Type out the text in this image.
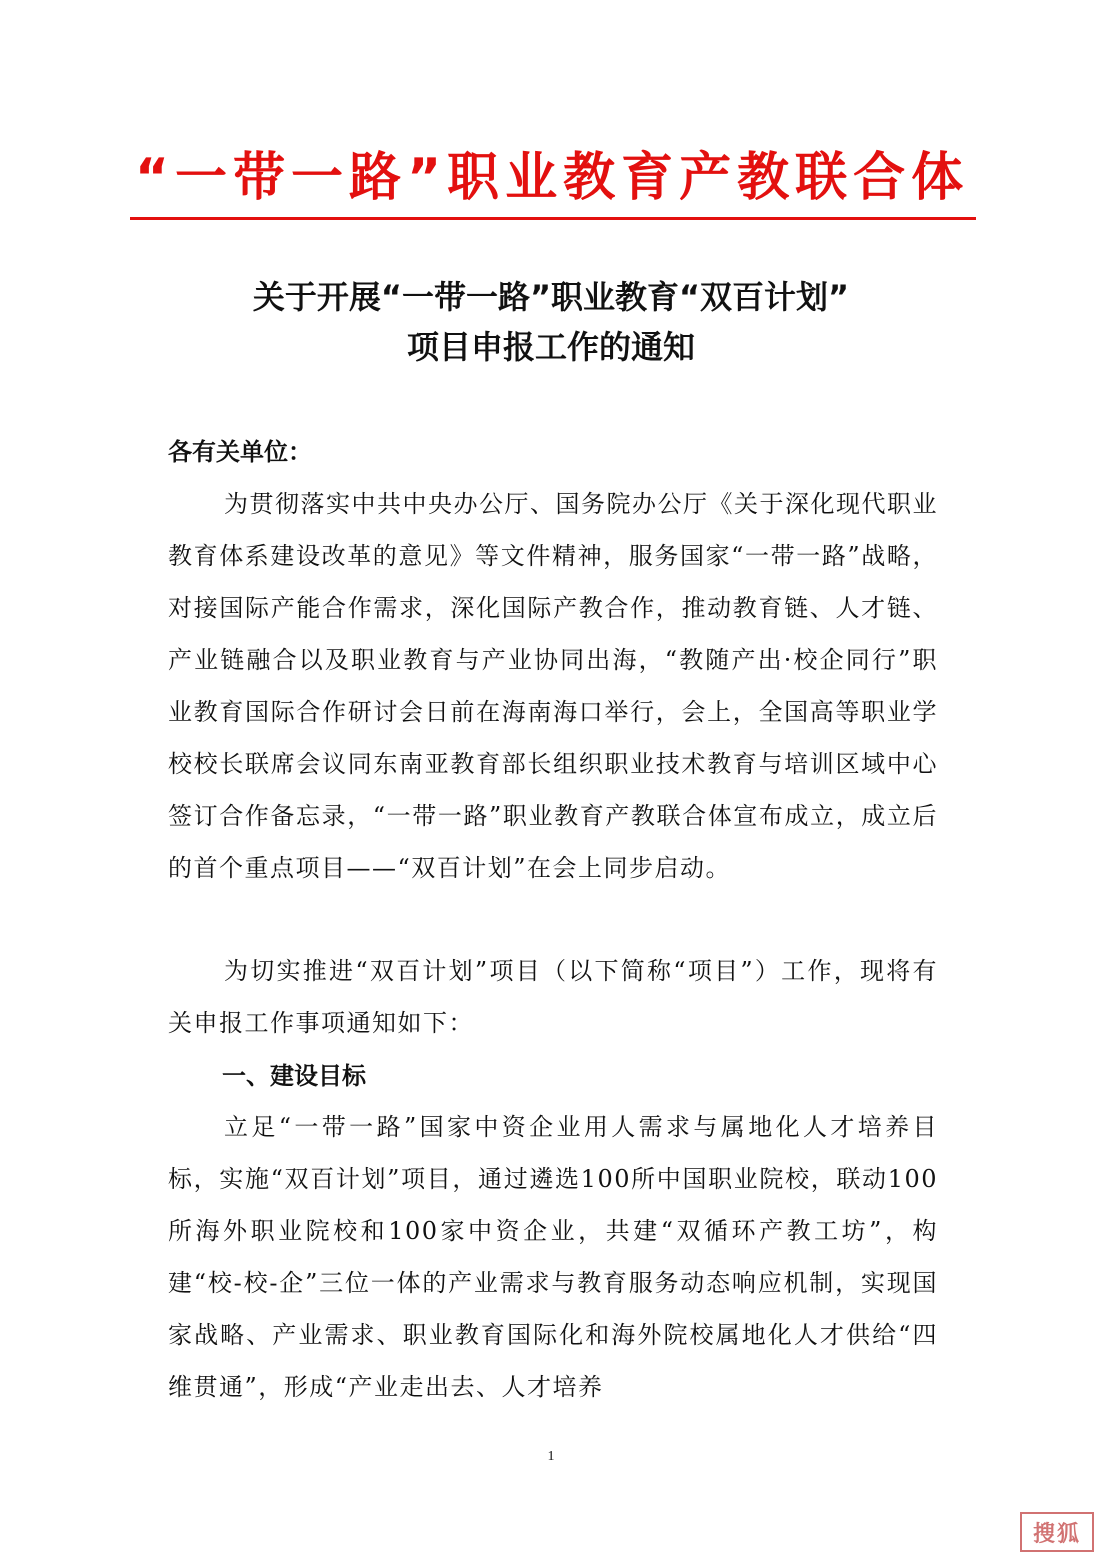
“一带一路”职业教育产教联合体
关于开展“一带一路”职业教育“双百计划”
项目申报工作的通知
各有关单位：

为贯彻落实中共中央办公厅、国务院办公厅《关于深化现代职业教育体系建设改革的意见》等文件精神，服务国家“一带一路”战略，对接国际产能合作需求，深化国际产教合作，推动教育链、人才链、产业链融合以及职业教育与产业协同出海，“教随产出·校企同行”职业教育国际合作研讨会日前在海南海口举行，会上，全国高等职业学校校长联席会议同东南亚教育部长组织职业技术教育与培训区域中心签订合作备忘录，“一带一路”职业教育产教联合体宣布成立，成立后的首个重点项目——“双百计划”在会上同步启动。

为切实推进“双百计划”项目（以下简称“项目”）工作，现将有关申报工作事项通知如下：

一、建设目标

立足“一带一路”国家中资企业用人需求与属地化人才培养目标，实施“双百计划”项目，通过遴选100所中国职业院校，联动100所海外职业院校和100家中资企业，共建“双循环产教工坊”，构建“校-校-企”三位一体的产业需求与教育服务动态响应机制，实现国家战略、产业需求、职业教育国际化和海外院校属地化人才供给“四维贯通”，形成“产业走出去、人才培养

1
搜狐
